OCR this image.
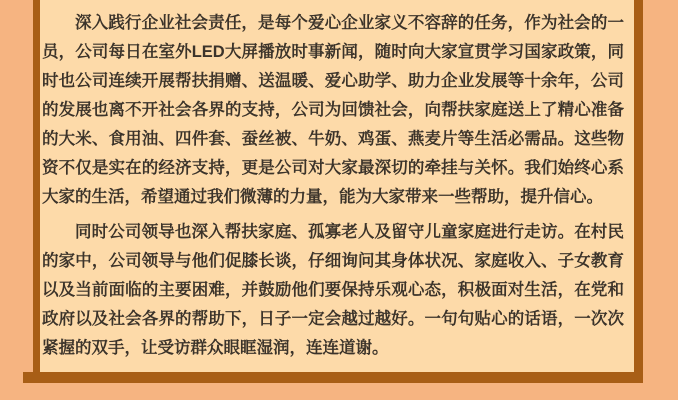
深入践行企业社会责任，是每个爱心企业家义不容辞的任务，作为社会的一员，公司每日在室外LED大屏播放时事新闻，随时向大家宣贯学习国家政策，同时也公司连续开展帮扶捐赠、送温暖、爱心助学、助力企业发展等十余年，公司的发展也离不开社会各界的支持，公司为回馈社会，向帮扶家庭送上了精心准备的大米、食用油、四件套、蚕丝被、牛奶、鸡蛋、燕麦片等生活必需品。这些物资不仅是实在的经济支持，更是公司对大家最深切的牵挂与关怀。我们始终心系大家的生活，希望通过我们微薄的力量，能为大家带来一些帮助，提升信心。

同时公司领导也深入帮扶家庭、孤寡老人及留守儿童家庭进行走访。在村民的家中，公司领导与他们促膝长谈，仔细询问其身体状况、家庭收入、子女教育以及当前面临的主要困难，并鼓励他们要保持乐观心态，积极面对生活，在党和政府以及社会各界的帮助下，日子一定会越过越好。一句句贴心的话语，一次次紧握的双手，让受访群众眼眶湿润，连连道谢。
